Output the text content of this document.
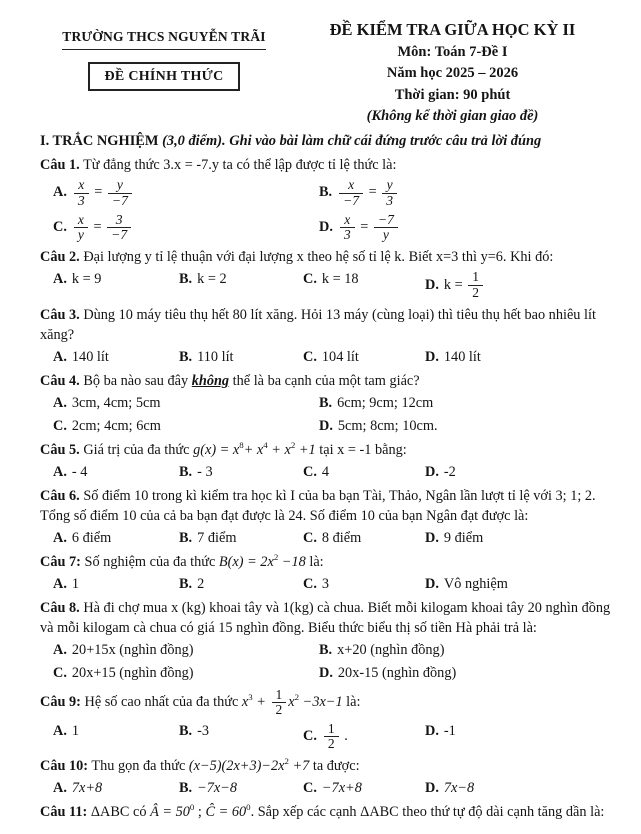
TRƯỜNG THCS NGUYỄN TRÃI
ĐỀ CHÍNH THỨC
ĐỀ KIỂM TRA GIỮA HỌC KỲ II
Môn: Toán 7-Đề I
Năm học 2025 – 2026
Thời gian: 90 phút
(Không kể thời gian giao đề)
I. TRẮC NGHIỆM (3,0 điểm). Ghi vào bài làm chữ cái đứng trước câu trả lời đúng

Câu 1. Từ đẳng thức 3.x = -7.y ta có thể lập được tỉ lệ thức là:

A. $\frac{x}{3} = \frac{y}{-7}$	B. $\frac{x}{-7} = \frac{y}{3}$
C. $\frac{x}{y} = \frac{3}{-7}$	D. $\frac{x}{3} = \frac{-7}{y}$

Câu 2. Đại lượng y tỉ lệ thuận với đại lượng x theo hệ số tỉ lệ k. Biết x=3 thì y=6. Khi đó:

A. k = 9	B. k = 2	C. k = 18	D. $k = \frac{1}{2}$

Câu 3. Dùng 10 máy tiêu thụ hết 80 lít xăng. Hỏi 13 máy (cùng loại) thì tiêu thụ hết bao nhiêu lít xăng?

A. 140 lít	B. 110 lít	C. 104 lít	D. 140 lít

Câu 4. Bộ ba nào sau đây không thể là ba cạnh của một tam giác?

A. 3cm, 4cm; 5cm	B. 6cm; 9cm; 12cm
C. 2cm; 4cm; 6cm	D. 5cm; 8cm; 10cm.

Câu 5. Giá trị của đa thức $g(x) = x^8+ x^4 + x^2 +1$ tại x = -1 bằng:

A. - 4	B. - 3	C. 4	D. -2

Câu 6. Số điểm 10 trong kì kiểm tra học kì I của ba bạn Tài, Thảo, Ngân lần lượt tỉ lệ với 3; 1; 2. Tổng số điểm 10 của cả ba bạn đạt được là 24. Số điểm 10 của bạn Ngân đạt được là:

A. 6 điểm	B. 7 điểm	C. 8 điểm	D. 9 điểm

Câu 7: Số nghiệm của đa thức $B(x) = 2x^2 -18$ là:

A. 1	B. 2	C. 3	D. Vô nghiệm

Câu 8. Hà đi chợ mua x (kg) khoai tây và 1(kg) cà chua. Biết mỗi kilogam khoai tây 20 nghìn đồng và mỗi kilogam cà chua có giá 15 nghìn đồng. Biểu thức biểu thị số tiền Hà phải trả là:

A. 20+15x (nghìn đồng)	B. x+20 (nghìn đồng)
C. 20x+15 (nghìn đồng)	D. 20x-15 (nghìn đồng)

Câu 9: Hệ số cao nhất của đa thức $x^3 + \frac{1}{2} x^2 -3x-1$ là:

A. 1	B. -3	C. $\frac{1}{2}$ .	D. -1

Câu 10: Thu gọn đa thức $(x-5)(2x+3)-2x^2 +7$ ta được:

A. 7x+8	B. −7x−8	C. −7x+8	D. 7x−8

Câu 11: ΔABC có Â = $50^0$ ; Ĉ = $60^0$. Sắp xếp các cạnh ΔABC theo thứ tự độ dài cạnh tăng dần là:
